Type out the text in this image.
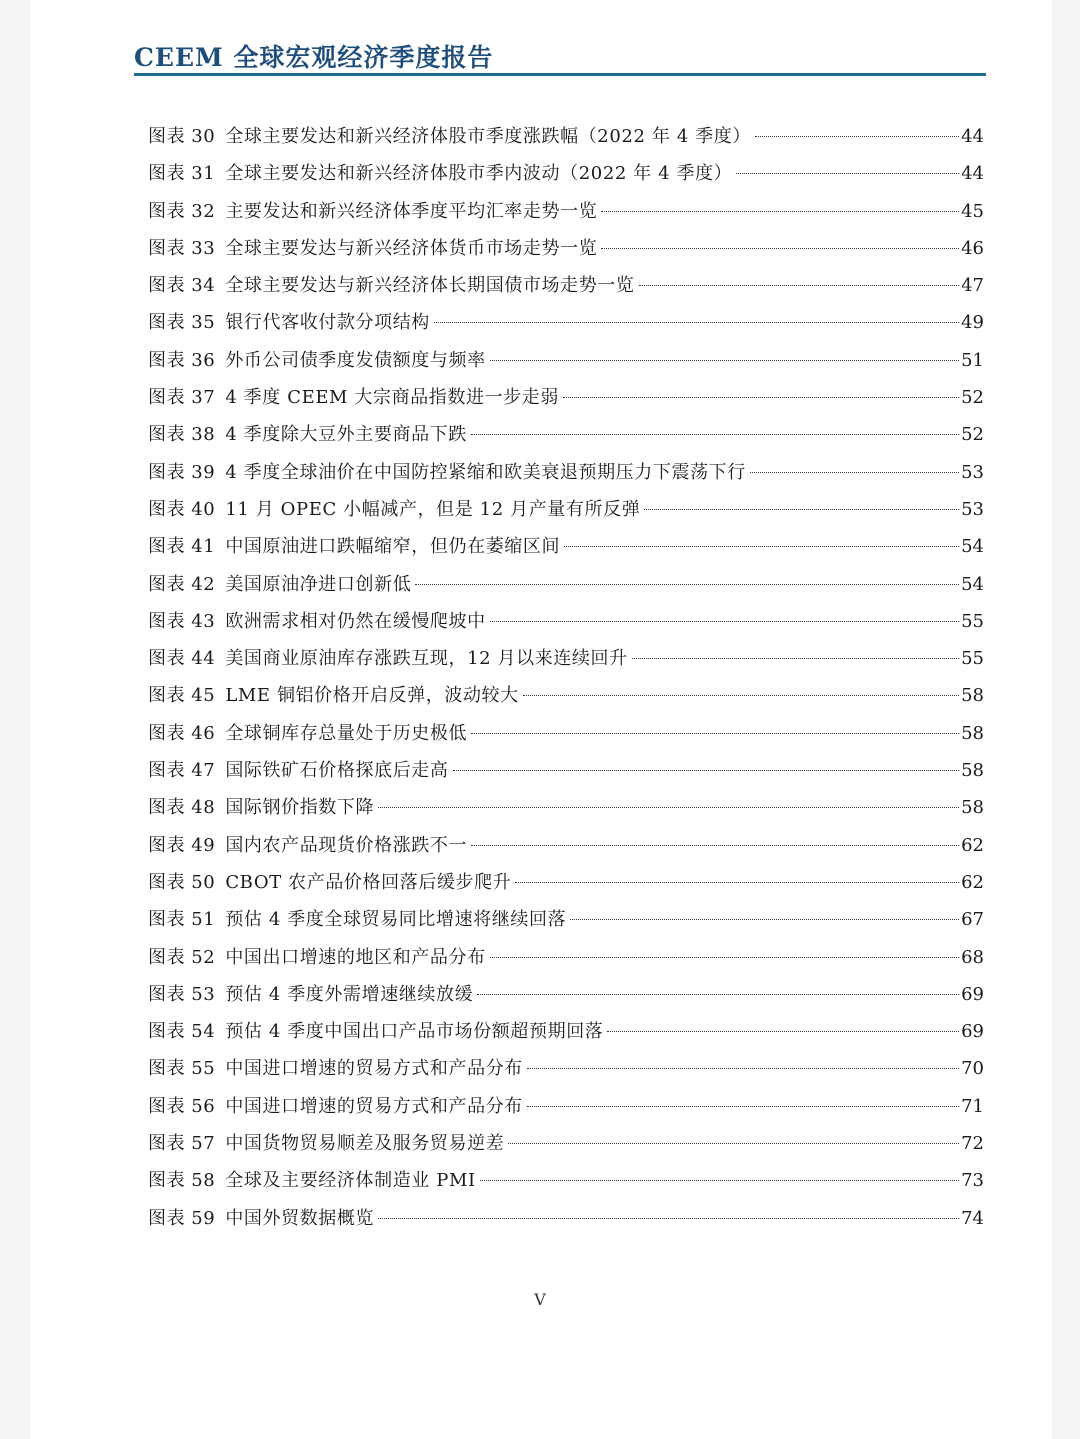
CEEM 全球宏观经济季度报告
图表 30 全球主要发达和新兴经济体股市季度涨跌幅（2022 年 4 季度）	44
图表 31 全球主要发达和新兴经济体股市季内波动（2022 年 4 季度）	44
图表 32 主要发达和新兴经济体季度平均汇率走势一览	45
图表 33 全球主要发达与新兴经济体货币市场走势一览	46
图表 34 全球主要发达与新兴经济体长期国债市场走势一览	47
图表 35 银行代客收付款分项结构	49
图表 36 外币公司债季度发债额度与频率	51
图表 37 4 季度 CEEM 大宗商品指数进一步走弱	52
图表 38 4 季度除大豆外主要商品下跌	52
图表 39 4 季度全球油价在中国防控紧缩和欧美衰退预期压力下震荡下行	53
图表 40 11 月 OPEC 小幅减产，但是 12 月产量有所反弹	53
图表 41 中国原油进口跌幅缩窄，但仍在萎缩区间	54
图表 42 美国原油净进口创新低	54
图表 43 欧洲需求相对仍然在缓慢爬坡中	55
图表 44 美国商业原油库存涨跌互现，12 月以来连续回升	55
图表 45 LME 铜铝价格开启反弹，波动较大	58
图表 46 全球铜库存总量处于历史极低	58
图表 47 国际铁矿石价格探底后走高	58
图表 48 国际钢价指数下降	58
图表 49 国内农产品现货价格涨跌不一	62
图表 50 CBOT 农产品价格回落后缓步爬升	62
图表 51 预估 4 季度全球贸易同比增速将继续回落	67
图表 52 中国出口增速的地区和产品分布	68
图表 53 预估 4 季度外需增速继续放缓	69
图表 54 预估 4 季度中国出口产品市场份额超预期回落	69
图表 55 中国进口增速的贸易方式和产品分布	70
图表 56 中国进口增速的贸易方式和产品分布	71
图表 57 中国货物贸易顺差及服务贸易逆差	72
图表 58 全球及主要经济体制造业 PMI	73
图表 59 中国外贸数据概览	74
V
